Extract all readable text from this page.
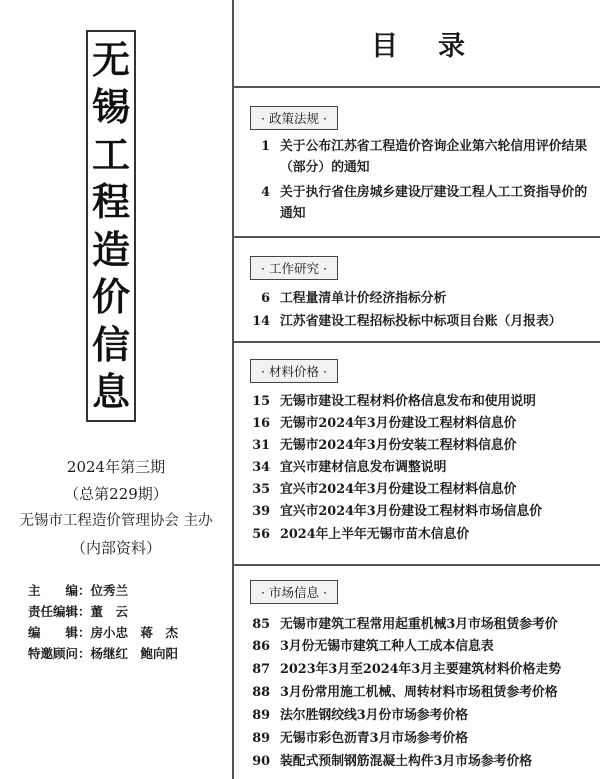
无
锡
工
程
造
价
信
息
2024年第三期
（总第229期）
无锡市工程造价管理协会 主办
（内部资料）
主　　编： 位秀兰
责任编辑： 董　云
编　　辑： 房小忠　蒋　杰
特邀顾问： 杨继红　鲍向阳
目录
· 政策法规 ·
1 关于公布江苏省工程造价咨询企业第六轮信用评价结果（部分）的通知
4 关于执行省住房城乡建设厅建设工程人工工资指导价的通知
· 工作研究 ·
6 工程量清单计价经济指标分析
14 江苏省建设工程招标投标中标项目台账（月报表）
· 材料价格 ·
15 无锡市建设工程材料价格信息发布和使用说明
16 无锡市2024年3月份建设工程材料信息价
31 无锡市2024年3月份安装工程材料信息价
34 宜兴市建材信息发布调整说明
35 宜兴市2024年3月份建设工程材料信息价
39 宜兴市2024年3月份建设工程材料市场信息价
56 2024年上半年无锡市苗木信息价
· 市场信息 ·
85 无锡市建筑工程常用起重机械3月市场租赁参考价
86 3月份无锡市建筑工种人工成本信息表
87 2023年3月至2024年3月主要建筑材料价格走势
88 3月份常用施工机械、周转材料市场租赁参考价格
89 法尔胜钢绞线3月份市场参考价格
89 无锡市彩色沥青3月市场参考价格
90 装配式预制钢筋混凝土构件3月市场参考价格
